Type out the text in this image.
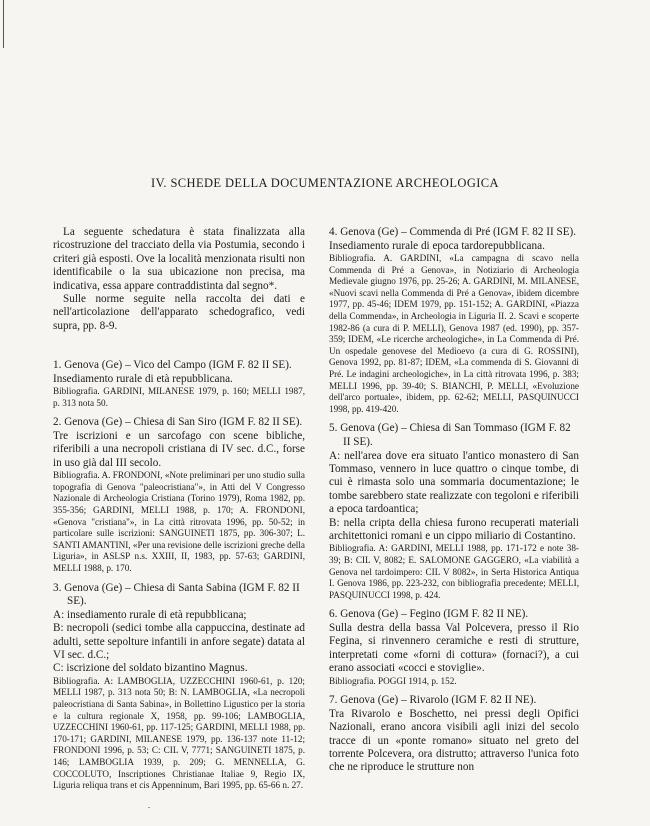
IV. SCHEDE DELLA DOCUMENTAZIONE ARCHEOLOGICA

La seguente schedatura è stata finalizzata alla ricostruzione del tracciato della via Postumia, secondo i criteri già esposti. Ove la località menzionata risulti non identificabile o la sua ubicazione non precisa, ma indicativa, essa appare contraddistinta dal segno*.

Sulle norme seguite nella raccolta dei dati e nell'articolazione dell'apparato schedografico, vedi supra, pp. 8-9.

1. Genova (Ge) – Vico del Campo (IGM F. 82 II SE).

Insediamento rurale di età repubblicana.

Bibliografia. GARDINI, MILANESE 1979, p. 160; MELLI 1987, p. 313 nota 50.

2. Genova (Ge) – Chiesa di San Siro (IGM F. 82 II SE).

Tre iscrizioni e un sarcofago con scene bibliche, riferibili a una necropoli cristiana di IV sec. d.C., forse in uso già dal III secolo.

Bibliografia. A. FRONDONI, «Note preliminari per uno studio sulla topografia di Genova "paleocristiana"», in Atti del V Congresso Nazionale di Archeologia Cristiana (Torino 1979), Roma 1982, pp. 355-356; GARDINI, MELLI 1988, p. 170; A. FRONDONI, «Genova "cristiana"», in La città ritrovata 1996, pp. 50-52; in particolare sulle iscrizioni: SANGUINETI 1875, pp. 306-307; L. SANTI AMANTINI, «Per una revisione delle iscrizioni greche della Liguria», in ASLSP n.s. XXIII, II, 1983, pp. 57-63; GARDINI, MELLI 1988, p. 170.

3. Genova (Ge) – Chiesa di Santa Sabina (IGM F. 82 II SE).

A: insediamento rurale di età repubblicana;
B: necropoli (sedici tombe alla cappuccina, destinate ad adulti, sette sepolture infantili in anfore segate) datata al VI sec. d.C.;
C: iscrizione del soldato bizantino Magnus.

Bibliografia. A: LAMBOGLIA, UZZECCHINI 1960-61, p. 120; MELLI 1987, p. 313 nota 50; B: N. LAMBOGLIA, «La necropoli paleocristiana di Santa Sabina», in Bollettino Ligustico per la storia e la cultura regionale X, 1958, pp. 99-106; LAMBOGLIA, UZZECCHINI 1960-61, pp. 117-125; GARDINI, MELLI 1988, pp. 170-171; GARDINI, MILANESE 1979, pp. 136-137 note 11-12; FRONDONI 1996, p. 53; C: CIL V, 7771; SANGUINETI 1875, p. 146; LAMBOGLIA 1939, p. 209; G. MENNELLA, G. COCCOLUTO, Inscriptiones Christianae Italiae 9, Regio IX, Liguria reliqua trans et cis Appenninum, Bari 1995, pp. 65-66 n. 27.

4. Genova (Ge) – Commenda di Pré (IGM F. 82 II SE).

Insediamento rurale di epoca tardorepubblicana.

Bibliografia. A. GARDINI, «La campagna di scavo nella Commenda di Pré a Genova», in Notiziario di Archeologia Medievale giugno 1976, pp. 25-26; A. GARDINI, M. MILANESE, «Nuovi scavi nella Commenda di Pré a Genova», ibidem dicembre 1977, pp. 45-46; IDEM 1979, pp. 151-152; A. GARDINI, «Piazza della Commenda», in Archeologia in Liguria II. 2. Scavi e scoperte 1982-86 (a cura di P. MELLI), Genova 1987 (ed. 1990), pp. 357-359; IDEM, «Le ricerche archeologiche», in La Commenda di Pré. Un ospedale genovese del Medioevo (a cura di G. ROSSINI), Genova 1992, pp. 81-87; IDEM, «La commenda di S. Giovanni di Pré. Le indagini archeologiche», in La città ritrovata 1996, p. 383; MELLI 1996, pp. 39-40; S. BIANCHI, P. MELLI, «Evoluzione dell'arco portuale», ibidem, pp. 62-62; MELLI, PASQUINUCCI 1998, pp. 419-420.

5. Genova (Ge) – Chiesa di San Tommaso (IGM F. 82 II SE).

A: nell'area dove era situato l'antico monastero di San Tommaso, vennero in luce quattro o cinque tombe, di cui è rimasta solo una sommaria documentazione; le tombe sarebbero state realizzate con tegoloni e riferibili a epoca tardoantica;
B: nella cripta della chiesa furono recuperati materiali architettonici romani e un cippo miliario di Costantino.

Bibliografia. A: GARDINI, MELLI 1988, pp. 171-172 e note 38-39; B: CIL V, 8082; E. SALOMONE GAGGERO, «La viabilità a Genova nel tardoimpero: CIL V 8082», in Serta Historica Antiqua I. Genova 1986, pp. 223-232, con bibliografia precedente; MELLI, PASQUINUCCI 1998, p. 424.

6. Genova (Ge) – Fegino (IGM F. 82 II NE).

Sulla destra della bassa Val Polcevera, presso il Rio Fegina, si rinvennero ceramiche e resti di strutture, interpretati come «forni di cottura» (fornaci?), a cui erano associati «cocci e stoviglie».

Bibliografia. POGGI 1914, p. 152.

7. Genova (Ge) – Rivarolo (IGM F. 82 II NE).

Tra Rivarolo e Boschetto, nei pressi degli Opifici Nazionali, erano ancora visibili agli inizi del secolo tracce di un «ponte romano» situato nel greto del torrente Polcevera, ora distrutto; attraverso l'unica foto che ne riproduce le strutture non
